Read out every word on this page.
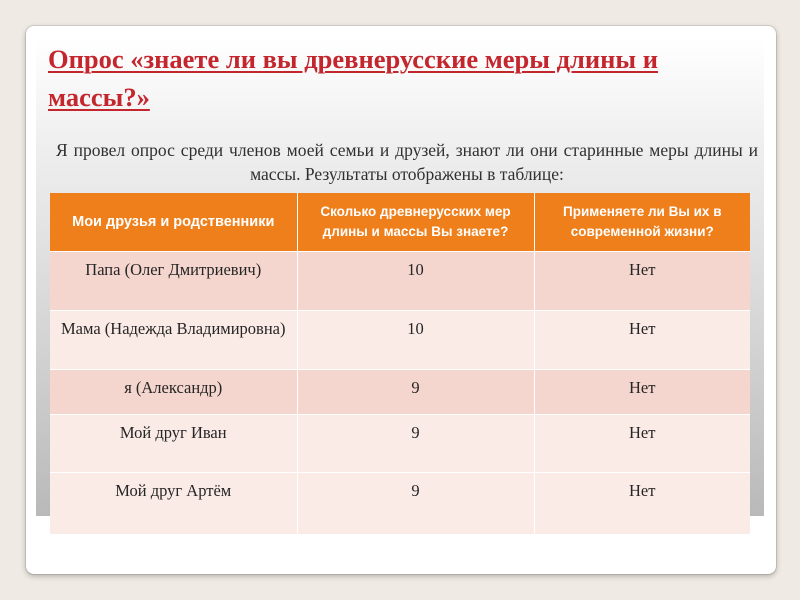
Опрос «знаете ли вы древнерусские меры длины и массы?»
Я провел опрос среди членов моей семьи и друзей, знают ли они старинные меры длины и массы. Результаты отображены в таблице:
Мои друзья и родственники	Сколько древнерусских мер длины и массы Вы знаете?	Применяете ли Вы их в современной жизни?
Папа (Олег Дмитриевич)	10	Нет
Мама (Надежда Владимировна)	10	Нет
я (Александр)	9	Нет
Мой друг Иван	9	Нет
Мой друг Артём	9	Нет
